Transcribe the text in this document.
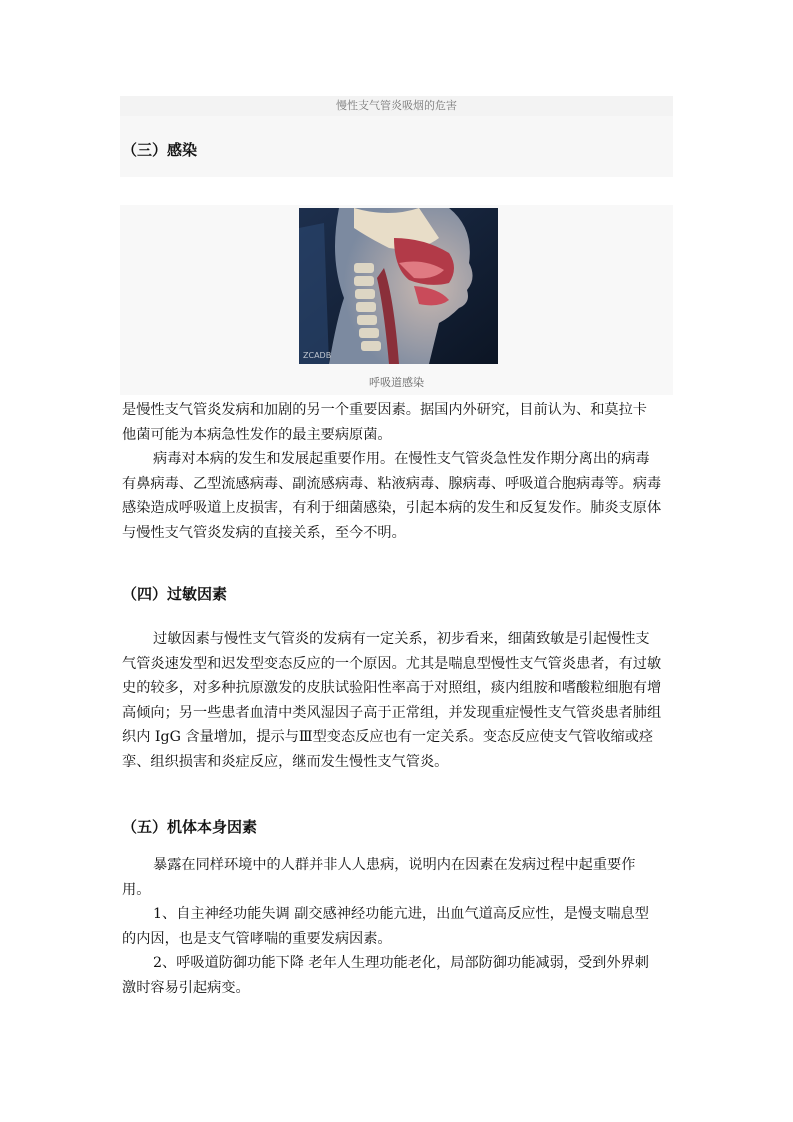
慢性支气管炎吸烟的危害
（三）感染
ZCADB
呼吸道感染
是慢性支气管炎发病和加剧的另一个重要因素。据国内外研究，目前认为、和莫拉卡他菌可能为本病急性发作的最主要病原菌。
病毒对本病的发生和发展起重要作用。在慢性支气管炎急性发作期分离出的病毒有鼻病毒、乙型流感病毒、副流感病毒、粘液病毒、腺病毒、呼吸道合胞病毒等。病毒感染造成呼吸道上皮损害，有利于细菌感染，引起本病的发生和反复发作。肺炎支原体与慢性支气管炎发病的直接关系，至今不明。
（四）过敏因素
过敏因素与慢性支气管炎的发病有一定关系，初步看来，细菌致敏是引起慢性支气管炎速发型和迟发型变态反应的一个原因。尤其是喘息型慢性支气管炎患者，有过敏史的较多，对多种抗原激发的皮肤试验阳性率高于对照组，痰内组胺和嗜酸粒细胞有增高倾向；另一些患者血清中类风湿因子高于正常组，并发现重症慢性支气管炎患者肺组织内 IgG 含量增加，提示与Ⅲ型变态反应也有一定关系。变态反应使支气管收缩或痉挛、组织损害和炎症反应，继而发生慢性支气管炎。
（五）机体本身因素
暴露在同样环境中的人群并非人人患病，说明内在因素在发病过程中起重要作用。
1、自主神经功能失调 副交感神经功能亢进，出血气道高反应性，是慢支喘息型的内因，也是支气管哮喘的重要发病因素。
2、呼吸道防御功能下降 老年人生理功能老化，局部防御功能减弱，受到外界刺激时容易引起病变。
